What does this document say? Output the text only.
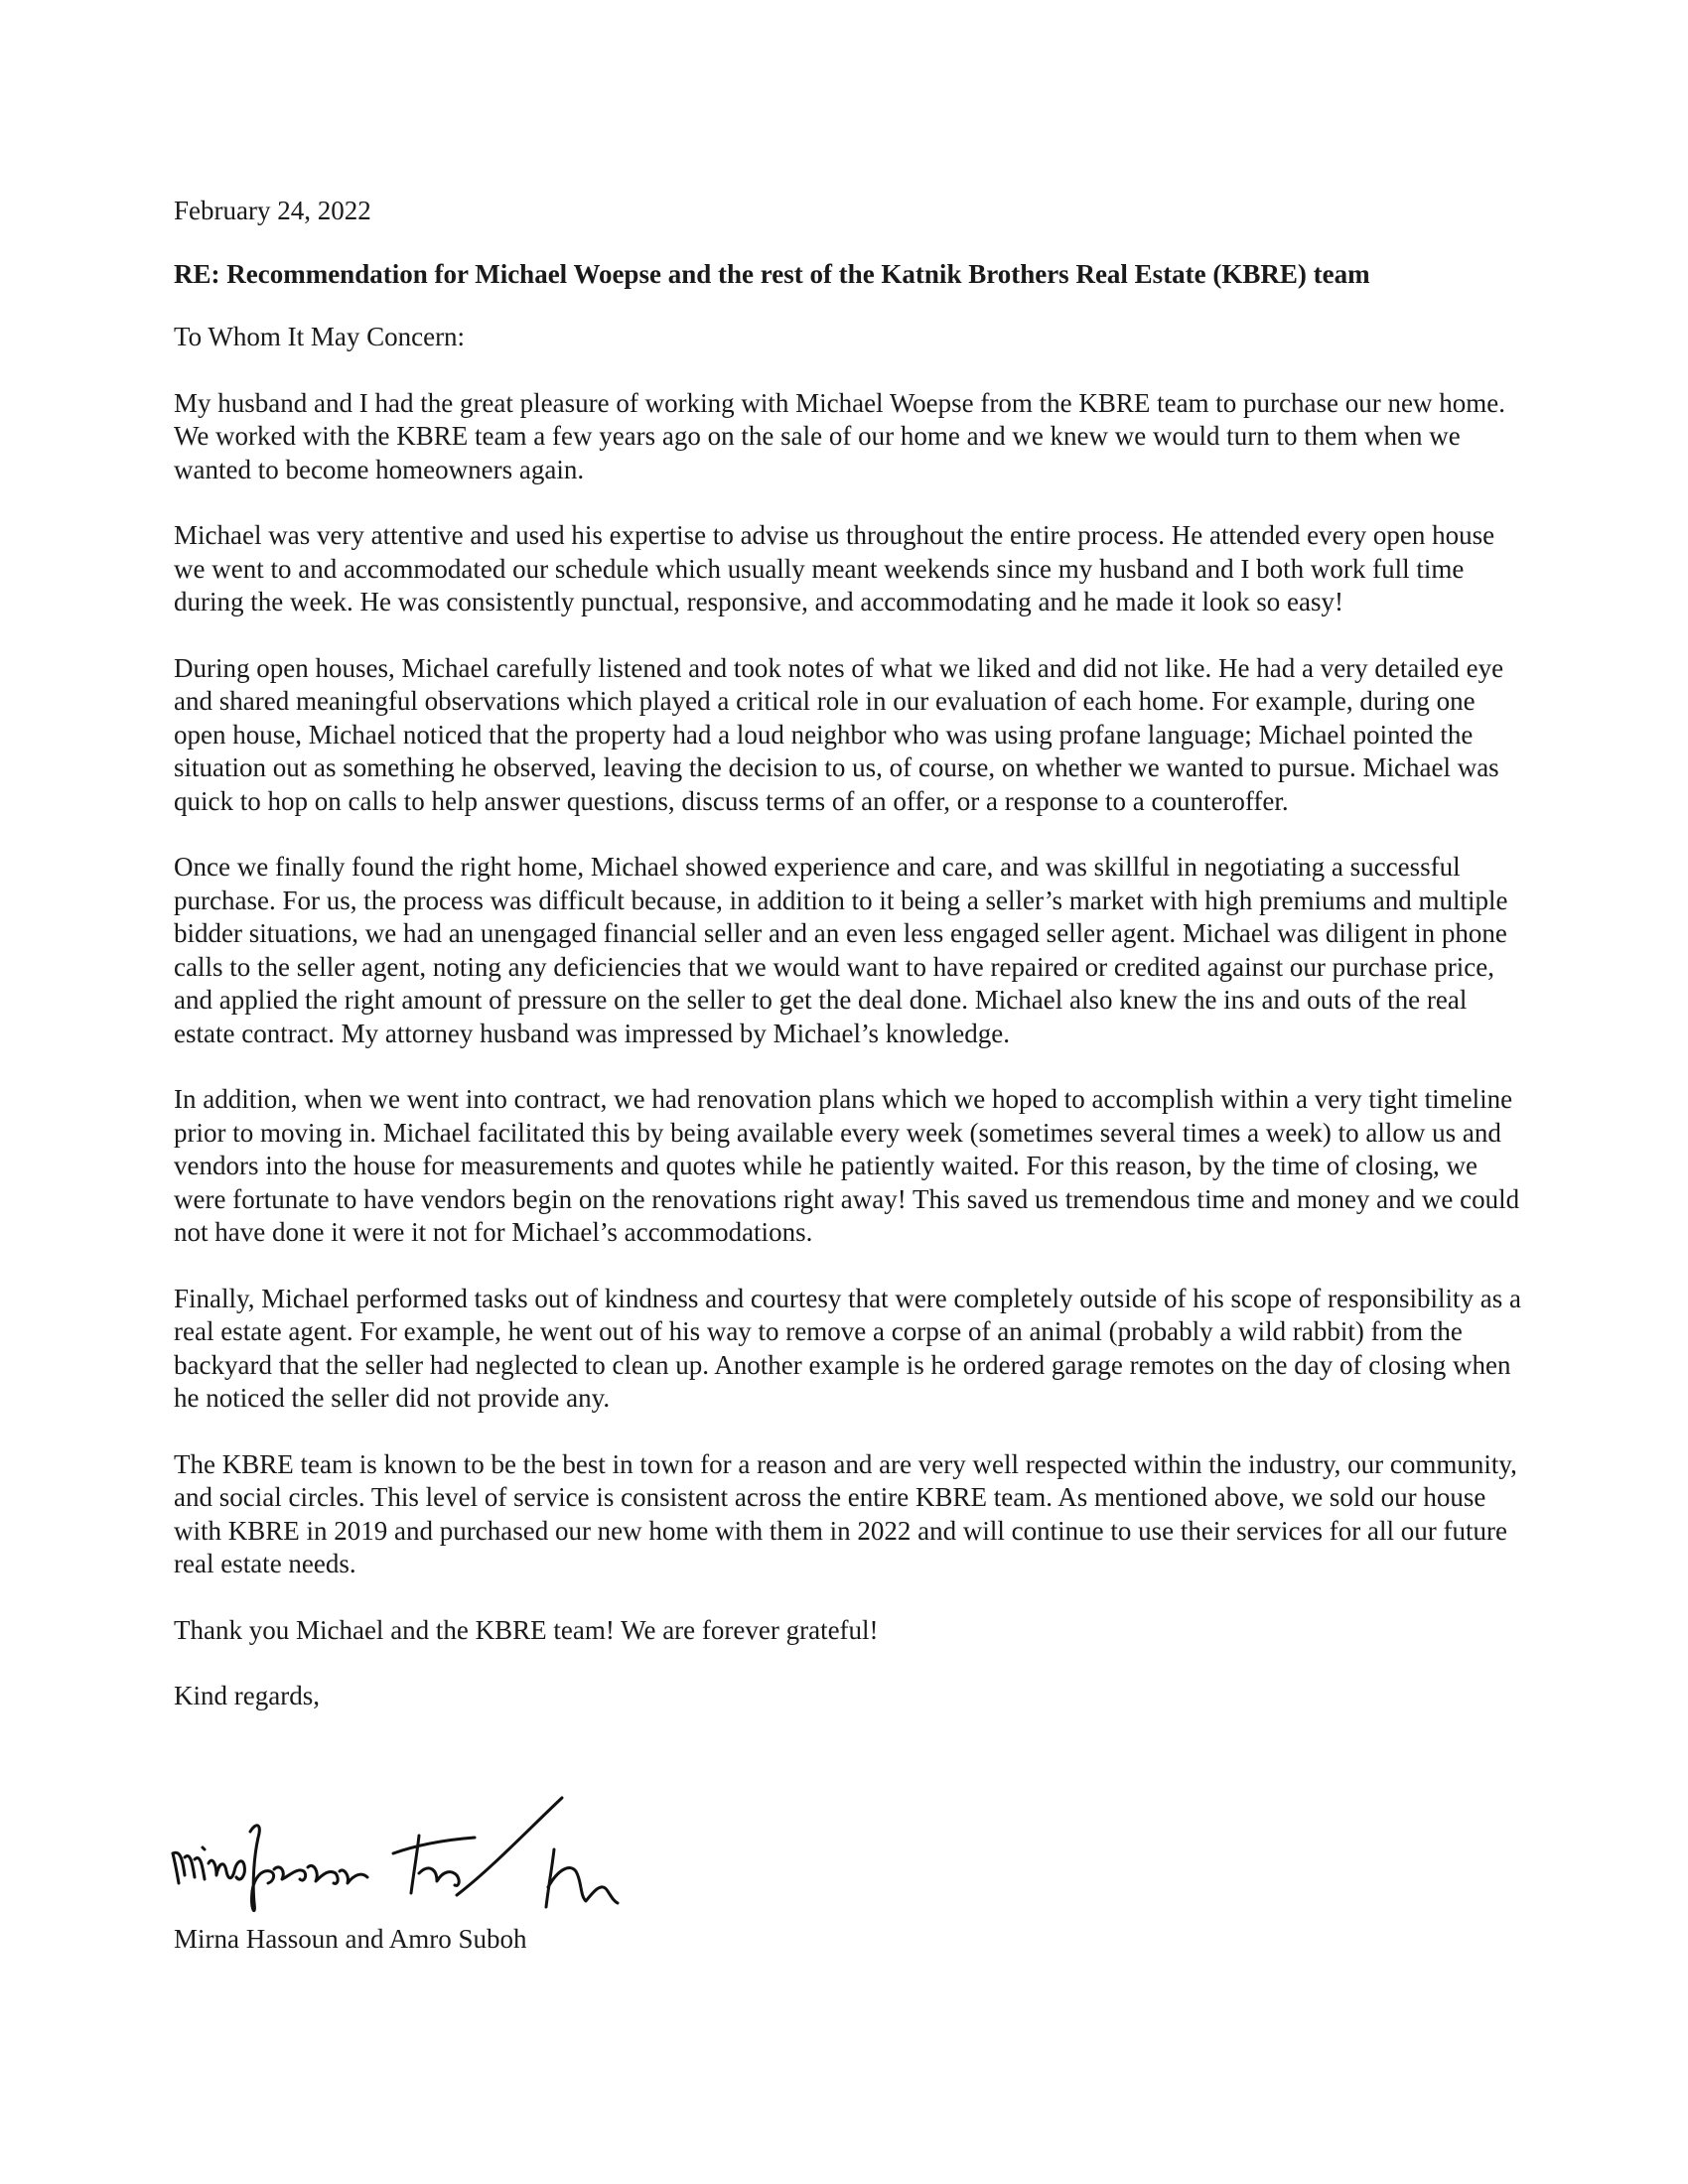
February 24, 2022

RE: Recommendation for Michael Woepse and the rest of the Katnik Brothers Real Estate (KBRE) team

To Whom It May Concern:

My husband and I had the great pleasure of working with Michael Woepse from the KBRE team to purchase our new home. We worked with the KBRE team a few years ago on the sale of our home and we knew we would turn to them when we wanted to become homeowners again.

Michael was very attentive and used his expertise to advise us throughout the entire process. He attended every open house we went to and accommodated our schedule which usually meant weekends since my husband and I both work full time during the week. He was consistently punctual, responsive, and accommodating and he made it look so easy!

During open houses, Michael carefully listened and took notes of what we liked and did not like. He had a very detailed eye and shared meaningful observations which played a critical role in our evaluation of each home. For example, during one open house, Michael noticed that the property had a loud neighbor who was using profane language; Michael pointed the situation out as something he observed, leaving the decision to us, of course, on whether we wanted to pursue. Michael was quick to hop on calls to help answer questions, discuss terms of an offer, or a response to a counteroffer.

Once we finally found the right home, Michael showed experience and care, and was skillful in negotiating a successful purchase. For us, the process was difficult because, in addition to it being a seller’s market with high premiums and multiple bidder situations, we had an unengaged financial seller and an even less engaged seller agent. Michael was diligent in phone calls to the seller agent, noting any deficiencies that we would want to have repaired or credited against our purchase price, and applied the right amount of pressure on the seller to get the deal done. Michael also knew the ins and outs of the real estate contract. My attorney husband was impressed by Michael’s knowledge.

In addition, when we went into contract, we had renovation plans which we hoped to accomplish within a very tight timeline prior to moving in. Michael facilitated this by being available every week (sometimes several times a week) to allow us and vendors into the house for measurements and quotes while he patiently waited. For this reason, by the time of closing, we were fortunate to have vendors begin on the renovations right away! This saved us tremendous time and money and we could not have done it were it not for Michael’s accommodations.

Finally, Michael performed tasks out of kindness and courtesy that were completely outside of his scope of responsibility as a real estate agent. For example, he went out of his way to remove a corpse of an animal (probably a wild rabbit) from the backyard that the seller had neglected to clean up. Another example is he ordered garage remotes on the day of closing when he noticed the seller did not provide any.

The KBRE team is known to be the best in town for a reason and are very well respected within the industry, our community, and social circles. This level of service is consistent across the entire KBRE team. As mentioned above, we sold our house with KBRE in 2019 and purchased our new home with them in 2022 and will continue to use their services for all our future real estate needs.

Thank you Michael and the KBRE team! We are forever grateful!

Kind regards,

Mirna Hassoun and Amro Suboh
